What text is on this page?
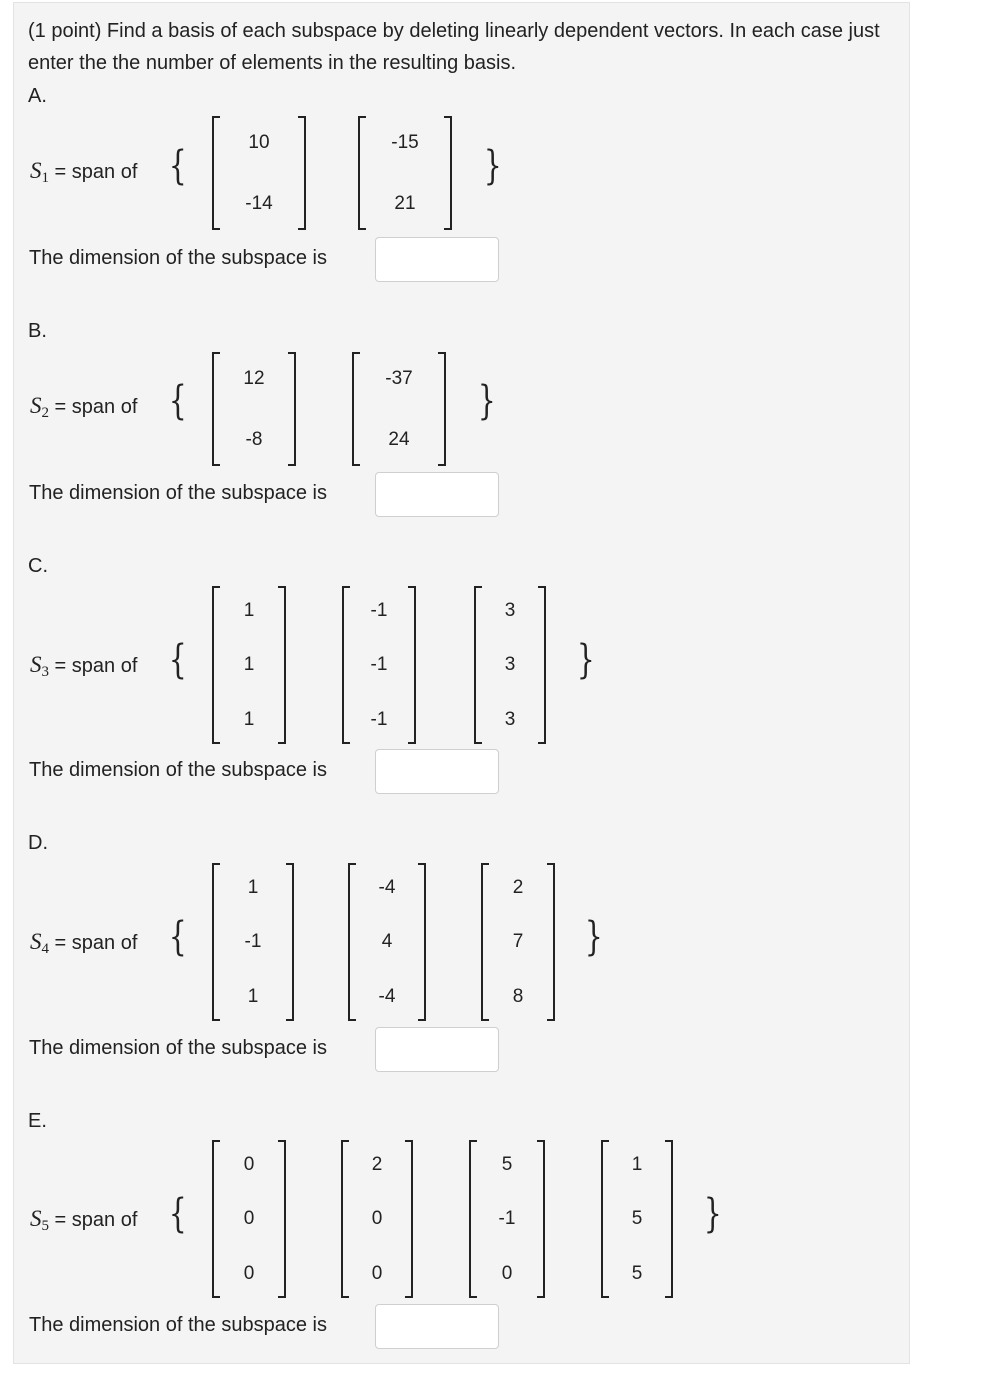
(1 point) Find a basis of each subspace by deleting linearly dependent vectors. In each case just enter the the number of elements in the resulting basis.
A.
$S_1$ = span of {
10
-14
-15
21
}
The dimension of the subspace is
B.
$S_2$ = span of {	12
-8
-37
24
}
The dimension of the subspace is
C.
$S_3$ = span of {
1
1
1
-1
-1
-1
3
3
3
}
The dimension of the subspace is
D.
$S_4$ = span of {
1
-1
1
-4
4
-4
2
7
8
}
The dimension of the subspace is
E.
$S_5$ = span of {
0
0
0
2
0
0
5
-1
0
1
5
5
}
The dimension of the subspace is
